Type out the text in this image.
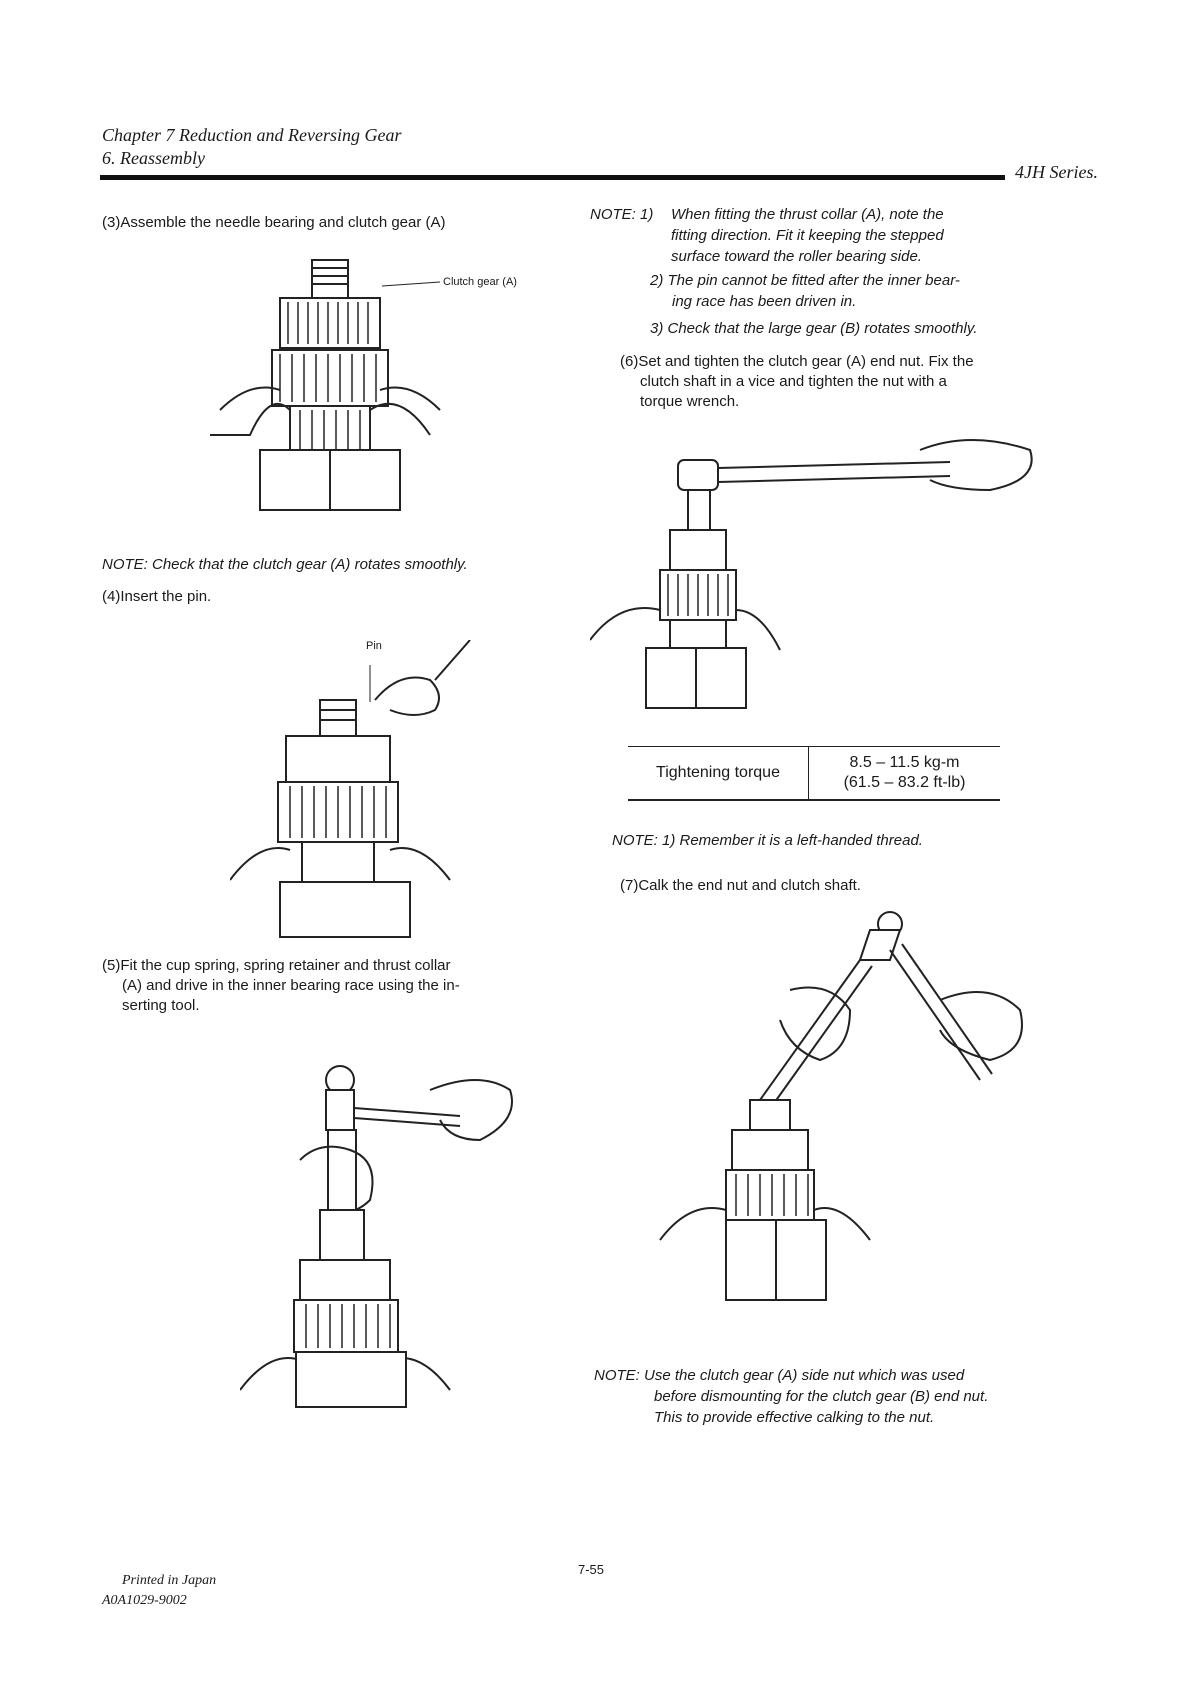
Chapter 7 Reduction and Reversing Gear
6. Reassembly
4JH Series.
(3)Assemble the needle bearing and clutch gear (A)
Clutch gear (A)
NOTE: Check that the clutch gear (A) rotates smoothly.
(4)Insert the pin.
Pin
(5)Fit the cup spring, spring retainer and thrust collar
(A) and drive in the inner bearing race using the in-
serting tool.
NOTE: 1) When fitting the thrust collar (A), note the
fitting direction. Fit it keeping the stepped
surface toward the roller bearing side.
2) The pin cannot be fitted after the inner bear-
ing race has been driven in.
3) Check that the large gear (B) rotates smoothly.
(6)Set and tighten the clutch gear (A) end nut. Fix the
clutch shaft in a vice and tighten the nut with a
torque wrench.
Tightening torque
8.5 – 11.5 kg-m
(61.5 – 83.2 ft-lb)
NOTE: 1) Remember it is a left-handed thread.
(7)Calk the end nut and clutch shaft.
NOTE: Use the clutch gear (A) side nut which was used
before dismounting for the clutch gear (B) end nut.
This to provide effective calking to the nut.
Printed in Japan
A0A1029-9002
7-55
